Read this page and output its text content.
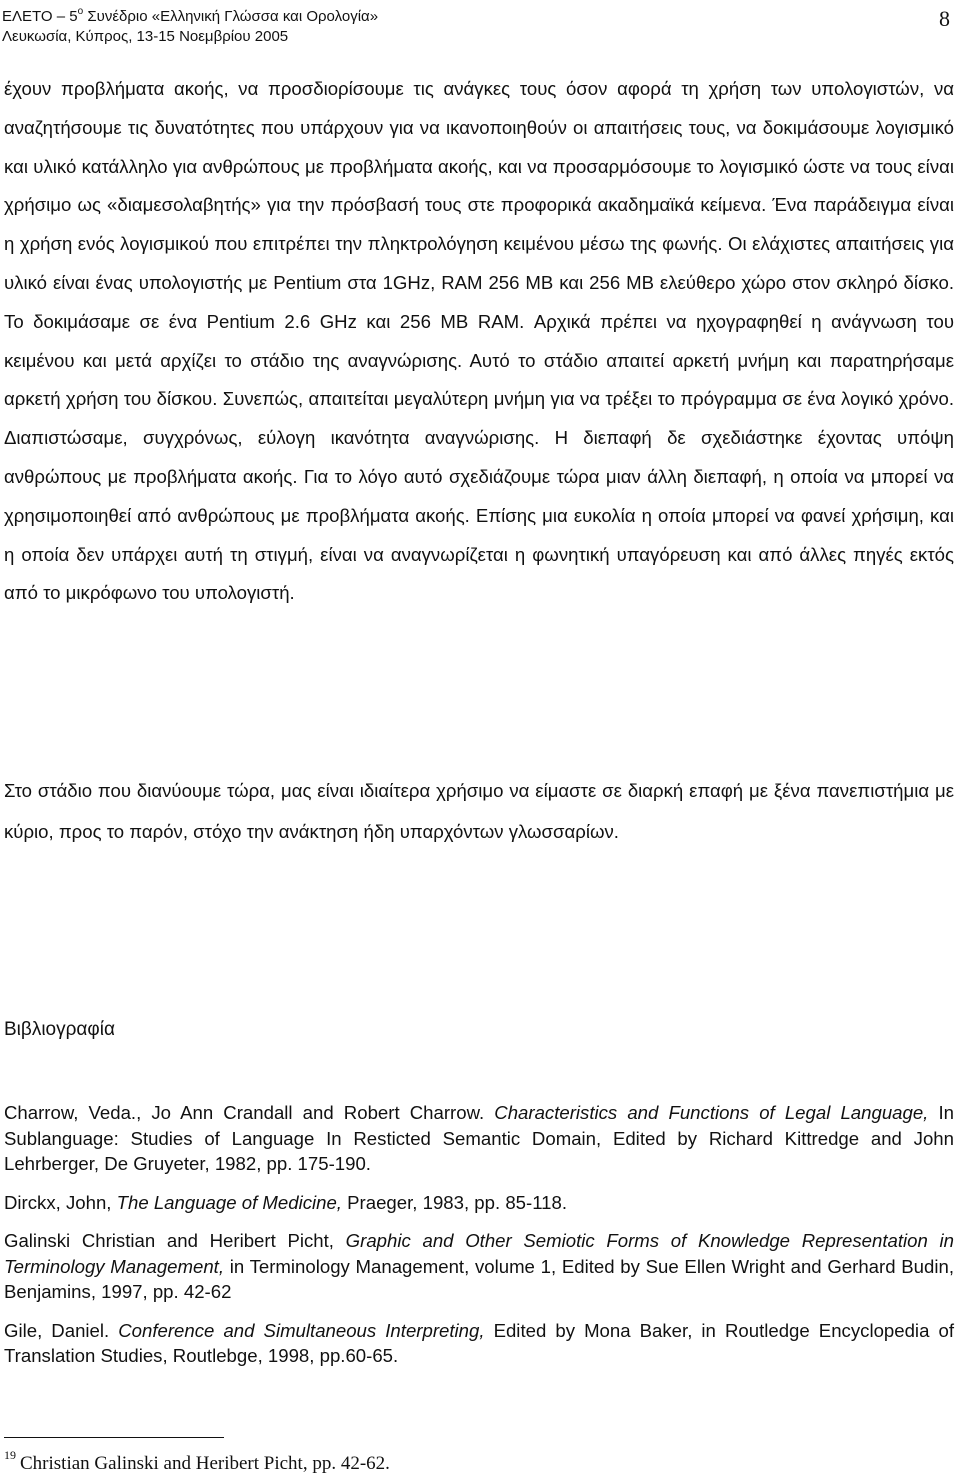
ΕΛΕΤΟ – $5^o$ Συνέδριο «Ελληνική Γλώσσα και Ορολογία»
Λευκωσία, Κύπρος, 13-15 Νοεμβρίου 2005
8

έχουν προβλήματα ακοής, να προσδιορίσουμε τις ανάγκες τους όσον αφορά τη χρήση των υπολογιστών, να αναζητήσουμε τις δυνατότητες που υπάρχουν για να ικανοποιηθούν οι απαιτήσεις τους, να δοκιμάσουμε λογισμικό και υλικό κατάλληλο για ανθρώπους με προβλήματα ακοής, και να προσαρμόσουμε το λογισμικό ώστε να τους είναι χρήσιμο ως «διαμεσολαβητής» για την πρόσβασή τους στε προφορικά ακαδημαϊκά κείμενα. Ένα παράδειγμα είναι η χρήση ενός λογισμικού που επιτρέπει την πληκτρολόγηση κειμένου μέσω της φωνής. Οι ελάχιστες απαιτήσεις για υλικό είναι ένας υπολογιστής με Pentium στα 1GHz, RAM 256 MB και 256 MB ελεύθερο χώρο στον σκληρό δίσκο. Το δοκιμάσαμε σε ένα Pentium 2.6 GHz και 256 MB RAM. Αρχικά πρέπει να ηχογραφηθεί η ανάγνωση του κειμένου και μετά αρχίζει το στάδιο της αναγνώρισης. Αυτό το στάδιο απαιτεί αρκετή μνήμη και παρατηρήσαμε αρκετή χρήση του δίσκου. Συνεπώς, απαιτείται μεγαλύτερη μνήμη για να τρέξει το πρόγραμμα σε ένα λογικό χρόνο. Διαπιστώσαμε, συγχρόνως, εύλογη ικανότητα αναγνώρισης. Η διεπαφή δε σχεδιάστηκε έχοντας υπόψη ανθρώπους με προβλήματα ακοής. Για το λόγο αυτό σχεδιάζουμε τώρα μιαν άλλη διεπαφή, η οποία να μπορεί να χρησιμοποιηθεί από ανθρώπους με προβλήματα ακοής. Επίσης μια ευκολία η οποία μπορεί να φανεί χρήσιμη, και η οποία δεν υπάρχει αυτή τη στιγμή, είναι να αναγνωρίζεται η φωνητική υπαγόρευση και από άλλες πηγές εκτός από το μικρόφωνο του υπολογιστή.

Στο στάδιο που διανύουμε τώρα, μας είναι ιδιαίτερα χρήσιμο να είμαστε σε διαρκή επαφή με ξένα πανεπιστήμια με κύριο, προς το παρόν, στόχο την ανάκτηση ήδη υπαρχόντων γλωσσαρίων.

Βιβλιογραφία

Charrow, Veda., Jo Ann Crandall and Robert Charrow. Characteristics and Functions of Legal Language, In Sublanguage: Studies of Language In Resticted Semantic Domain, Edited by Richard Kittredge and John Lehrberger, De Gruyeter, 1982, pp. 175-190.

Dirckx, John, The Language of Medicine, Praeger, 1983, pp. 85-118.

Galinski Christian and Heribert Picht, Graphic and Other Semiotic Forms of Knowledge Representation in Terminology Management, in Terminology Management, volume 1, Edited by Sue Ellen Wright and Gerhard Budin, Benjamins, 1997, pp. 42-62

Gile, Daniel. Conference and Simultaneous Interpreting, Edited by Mona Baker, in Routledge Encyclopedia of Translation Studies, Routlebge, 1998, pp.60-65.

$^{19}$ Christian Galinski and Heribert Picht, pp. 42-62.
